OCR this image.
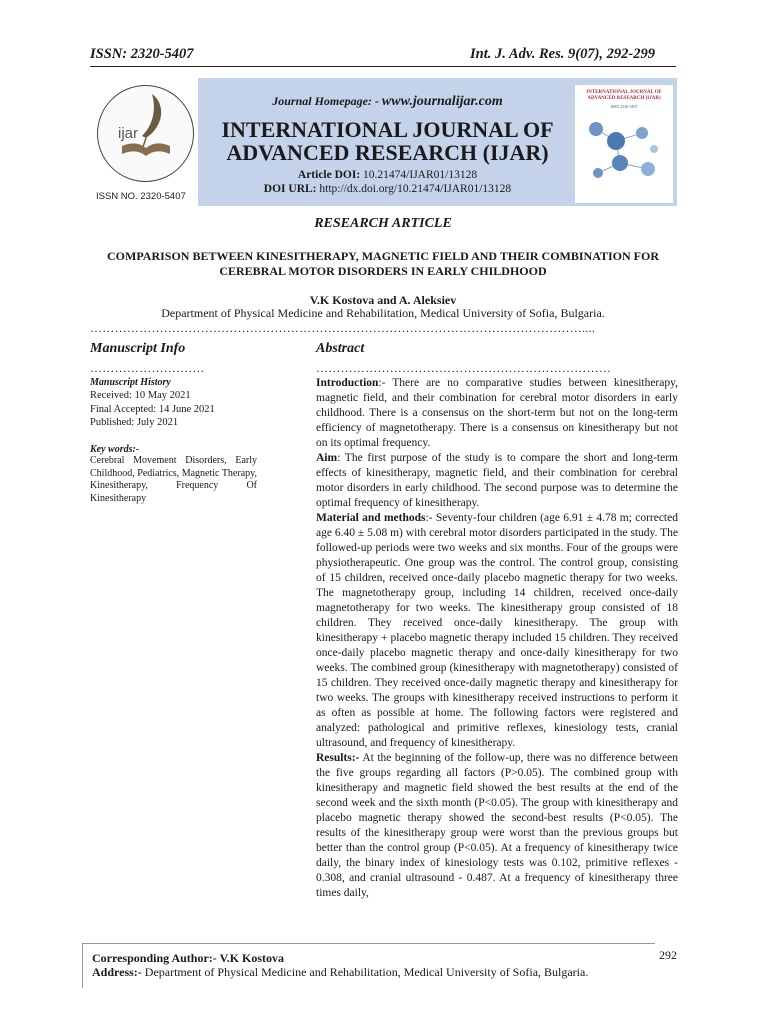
ISSN: 2320-5407	Int. J. Adv. Res. 9(07), 292-299
ijar
ISSN NO. 2320-5407
Journal Homepage: - www.journalijar.com
INTERNATIONAL JOURNAL OF
ADVANCED RESEARCH (IJAR)
Article DOI: 10.21474/IJAR01/13128
DOI URL: http://dx.doi.org/10.21474/IJAR01/13128
INTERNATIONAL JOURNAL OF ADVANCED RESEARCH (IJAR)
ISSN 2320-5407
RESEARCH ARTICLE
COMPARISON BETWEEN KINESITHERAPY, MAGNETIC FIELD AND THEIR COMBINATION FOR
CEREBRAL MOTOR DISORDERS IN EARLY CHILDHOOD
V.K Kostova and A. Aleksiev
Department of Physical Medicine and Rehabilitation, Medical University of Sofia, Bulgaria.
…………………………………………………………………………………………………………....
Manuscript Info
……………………….
Manuscript History
Received: 10 May 2021
Final Accepted: 14 June 2021
Published: July 2021
Key words:-
Cerebral Movement Disorders, Early Childhood, Pediatrics, Magnetic Therapy, Kinesitherapy, Frequency Of Kinesitherapy
Abstract
………………………………………………………………

Introduction:- There are no comparative studies between kinesitherapy, magnetic field, and their combination for cerebral motor disorders in early childhood. There is a consensus on the short-term but not on the long-term efficiency of magnetotherapy. There is a consensus on kinesitherapy but not on its optimal frequency.

Aim: The first purpose of the study is to compare the short and long-term effects of kinesitherapy, magnetic field, and their combination for cerebral motor disorders in early childhood. The second purpose was to determine the optimal frequency of kinesitherapy.

Material and methods:- Seventy-four children (age 6.91 ± 4.78 m; corrected age 6.40 ± 5.08 m) with cerebral motor disorders participated in the study. The followed-up periods were two weeks and six months. Four of the groups were physiotherapeutic. One group was the control. The control group, consisting of 15 children, received once-daily placebo magnetic therapy for two weeks. The magnetotherapy group, including 14 children, received once-daily magnetotherapy for two weeks. The kinesitherapy group consisted of 18 children. They received once-daily kinesitherapy. The group with kinesitherapy + placebo magnetic therapy included 15 children. They received once-daily placebo magnetic therapy and once-daily kinesitherapy for two weeks. The combined group (kinesitherapy with magnetotherapy) consisted of 15 children. They received once-daily magnetic therapy and kinesitherapy for two weeks. The groups with kinesitherapy received instructions to perform it as often as possible at home. The following factors were registered and analyzed: pathological and primitive reflexes, kinesiology tests, cranial ultrasound, and frequency of kinesitherapy.

Results:- At the beginning of the follow-up, there was no difference between the five groups regarding all factors (P>0.05). The combined group with kinesitherapy and magnetic field showed the best results at the end of the second week and the sixth month (P<0.05). The group with kinesitherapy and placebo magnetic therapy showed the second-best results (P<0.05). The results of the kinesitherapy group were worst than the previous groups but better than the control group (P<0.05). At a frequency of kinesitherapy twice daily, the binary index of kinesiology tests was 0.102, primitive reflexes - 0.308, and cranial ultrasound - 0.487. At a frequency of kinesitherapy three times daily,

Corresponding Author:- V.K Kostova
Address:- Department of Physical Medicine and Rehabilitation, Medical University of Sofia, Bulgaria.
292
